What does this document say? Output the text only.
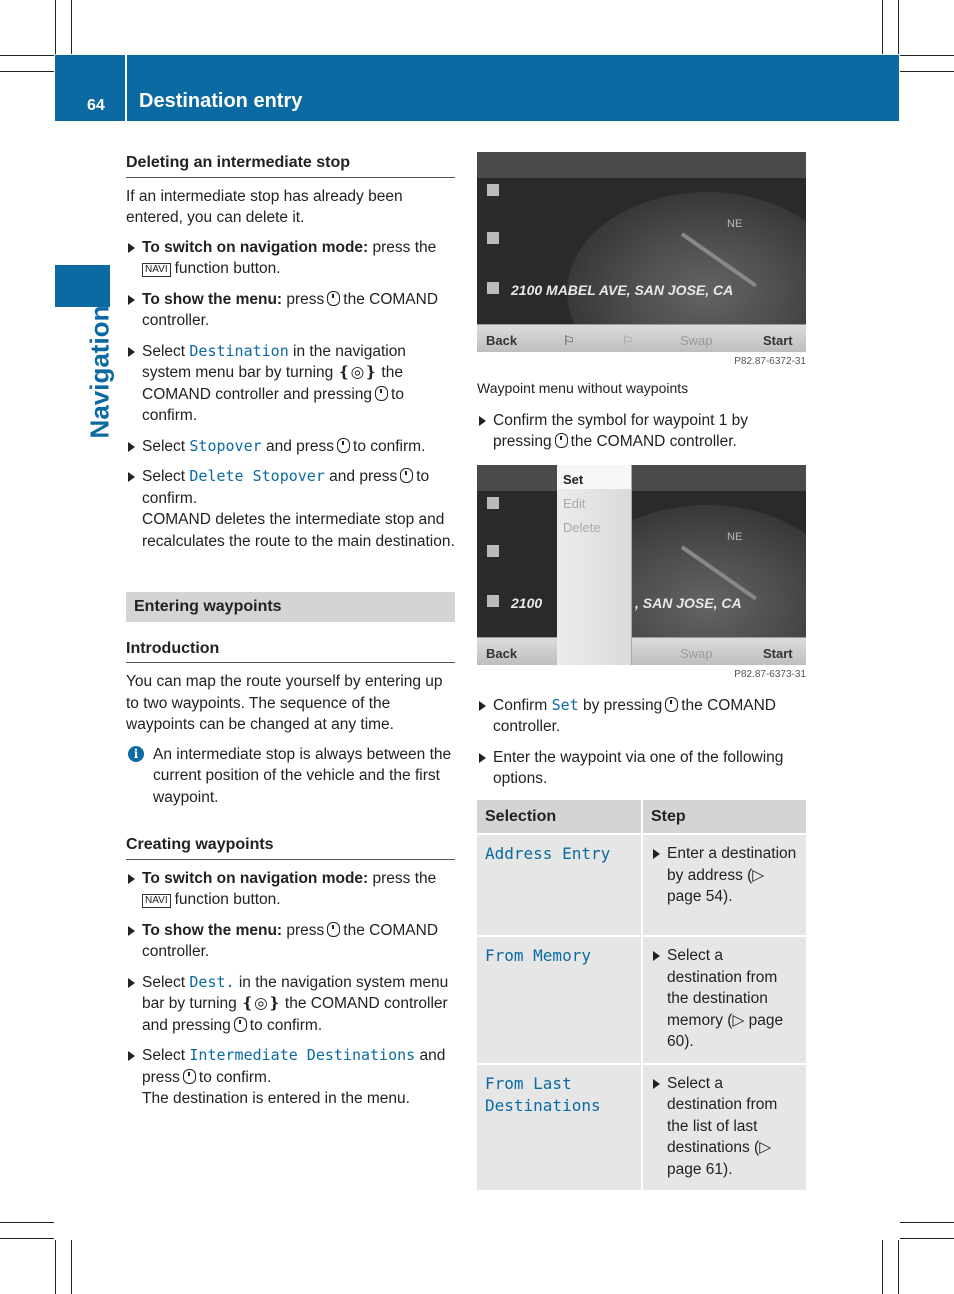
64 Destination entry
Navigation
Deleting an intermediate stop

If an intermediate stop has already been entered, you can delete it.

To switch on navigation mode: press the NAVI function button.
To show the menu: press the COMAND controller.
Select Destination in the navigation system menu bar by turning ❴◎❵ the COMAND controller and pressing to confirm.
Select Stopover and press to confirm.
Select Delete Stopover and press to confirm.
COMAND deletes the intermediate stop and recalculates the route to the main destination.
Entering waypoints
Introduction

You can map the route yourself by entering up to two waypoints. The sequence of the waypoints can be changed at any time.

i An intermediate stop is always between the current position of the vehicle and the first waypoint.
Creating waypoints
To switch on navigation mode: press the NAVI function button.
To show the menu: press the COMAND controller.
Select Dest. in the navigation system menu bar by turning ❴◎❵ the COMAND controller and pressing to confirm.
Select Intermediate Destinations and press to confirm.
The destination is entered in the menu.
NE
2100 MABEL AVE, SAN JOSE, CA
Back	⚐	⚐	Swap	Start
P82.87-6372-31
Waypoint menu without waypoints
Confirm the symbol for waypoint 1 by pressing the COMAND controller.
NE
2100	, SAN JOSE, CA
Back	Swap	Start
Set
Edit
Delete
P82.87-6373-31
Confirm Set by pressing the COMAND controller.
Enter the waypoint via one of the following options.
Selection	Step
Address Entry	Enter a destination by address (▷ page 54).

From Memory	Select a destination from the destination memory (▷ page 60).

From Last Destinations	Select a destination from the list of last destinations (▷ page 61).
